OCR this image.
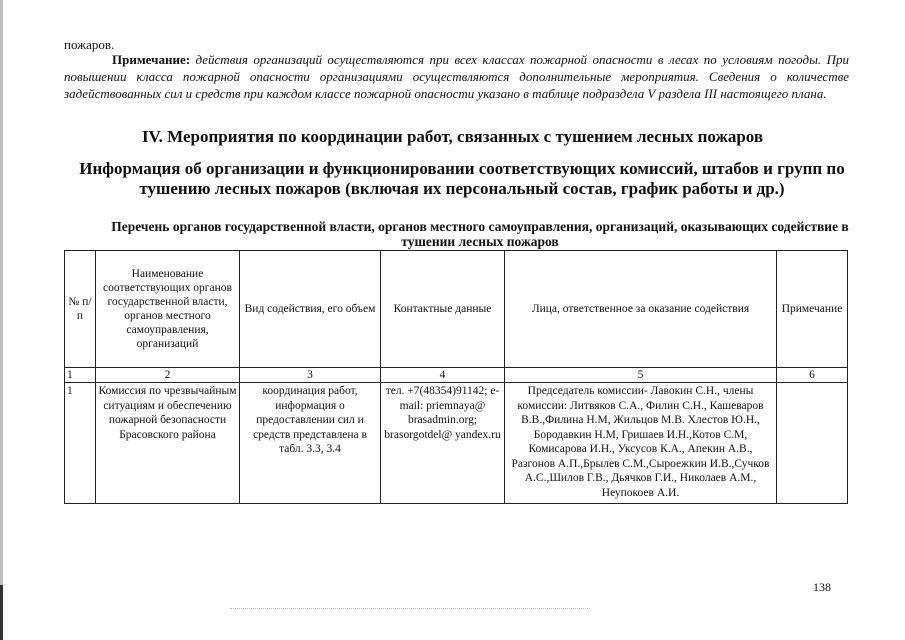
пожаров.
Примечание: действия организаций осуществляются при всех классах пожарной опасности в лесах по условиям погоды. При повышении класса пожарной опасности организациями осуществляются дополнительные мероприятия. Сведения о количестве задействованных сил и средств при каждом классе пожарной опасности указано в таблице подраздела V раздела III настоящего плана.
IV. Мероприятия по координации работ, связанных с тушением лесных пожаров
Информация об организации и функционировании соответствующих комиссий, штабов и групп по тушению лесных пожаров (включая их персональный состав, график работы и др.)
Перечень органов государственной власти, органов местного самоуправления, организаций, оказывающих содействие в тушении лесных пожаров
№ п/п	Наименование соответствующих органов государственной власти, органов местного самоуправления, организаций	Вид содействия, его объем	Контактные данные	Лица, ответственное за оказание содействия	Примечание
1	2	3	4	5	6
1	Комиссия по чрезвычайным ситуациям и обеспечению пожарной безопасности Брасовского района	координация работ, информация о предоставлении сил и средств представлена в табл. 3.3, 3.4	тел. +7(48354)91142; e-mail: priemnaya@ brasadmin.org; brasorgotdel@ yandex.ru	Председатель комиссии- Лавокин С.Н., члены комиссии: Литвяков С.А., Филин С.Н., Кашеваров В.В.,Филина Н.М, Жильцов М.В. Хлестов Ю.Н., Бородавкин Н.М, Гришаев И.Н.,Котов С.М, Комисарова И.Н., Уксусов К.А., Апекин А.В., Разгонов А.П.,Брылев С.М.,Сыроежкин И.В.,Сучков А.С.,Шилов Г.В., Дьячков Г.И., Николаев А.М., Неупокоев А.И.	
138
